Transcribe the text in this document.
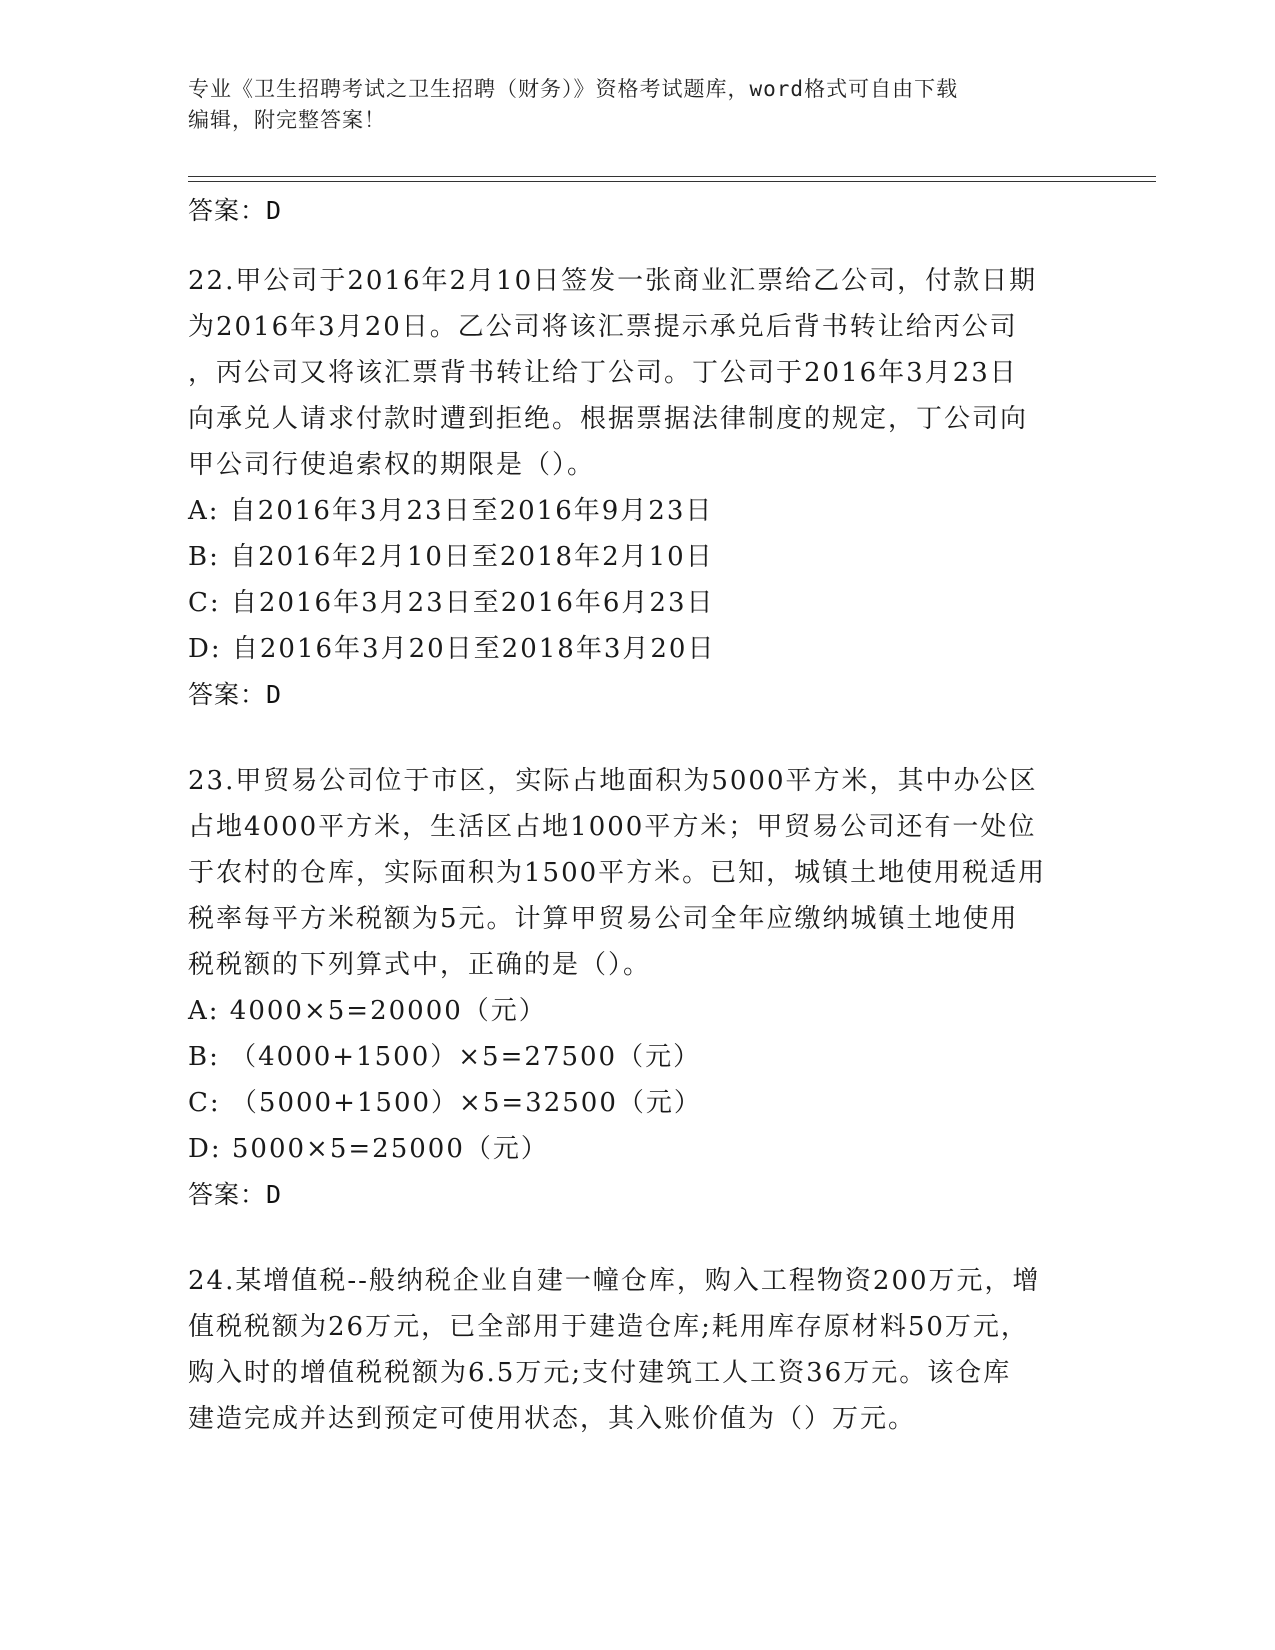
专业《卫生招聘考试之卫生招聘（财务）》资格考试题库，word格式可自由下载
编辑，附完整答案！
答案：D
22.甲公司于2016年2月10日签发一张商业汇票给乙公司，付款日期
为2016年3月20日。乙公司将该汇票提示承兑后背书转让给丙公司
，丙公司又将该汇票背书转让给丁公司。丁公司于2016年3月23日
向承兑人请求付款时遭到拒绝。根据票据法律制度的规定，丁公司向
甲公司行使追索权的期限是（）。
A: 自2016年3月23日至2016年9月23日
B: 自2016年2月10日至2018年2月10日
C: 自2016年3月23日至2016年6月23日
D: 自2016年3月20日至2018年3月20日
答案：D
23.甲贸易公司位于市区，实际占地面积为5000平方米，其中办公区
占地4000平方米，生活区占地1000平方米；甲贸易公司还有一处位
于农村的仓库，实际面积为1500平方米。已知，城镇土地使用税适用
税率每平方米税额为5元。计算甲贸易公司全年应缴纳城镇土地使用
税税额的下列算式中，正确的是（）。
A: 4000×5=20000（元）
B: （4000+1500）×5=27500（元）
C: （5000+1500）×5=32500（元）
D: 5000×5=25000（元）
答案：D
24.某增值税--般纳税企业自建一幢仓库，购入工程物资200万元，增
值税税额为26万元，已全部用于建造仓库;耗用库存原材料50万元，
购入时的增值税税额为6.5万元;支付建筑工人工资36万元。该仓库
建造完成并达到预定可使用状态，其入账价值为（）万元。
